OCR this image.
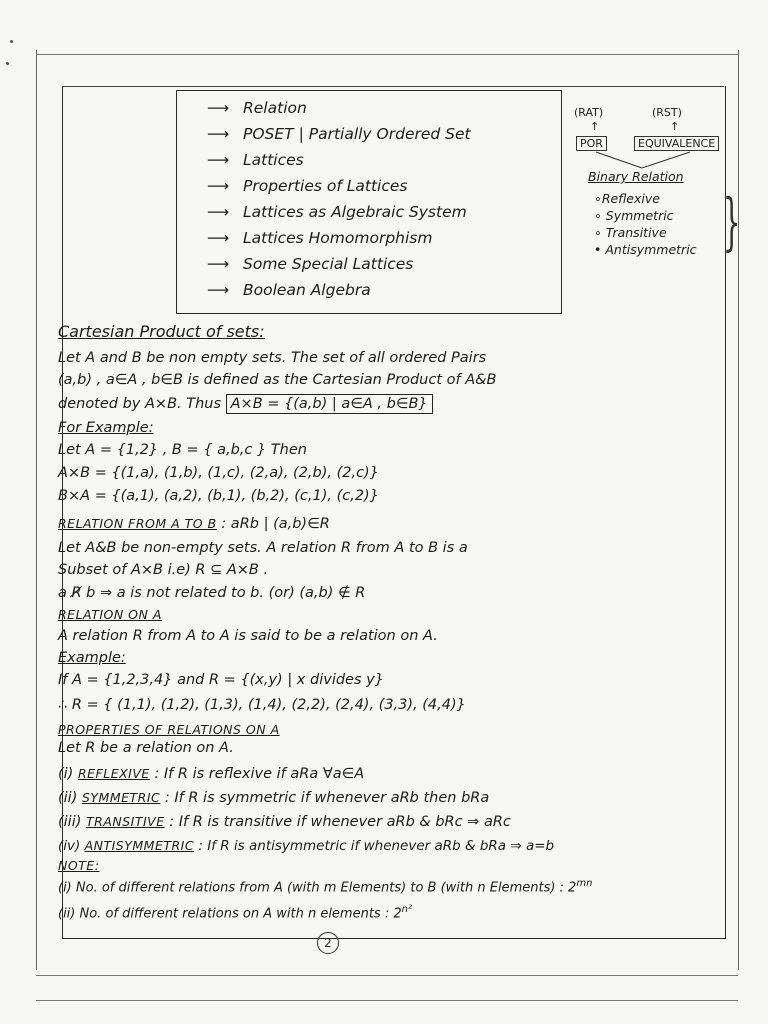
⟶ Relation
⟶ POSET | Partially Ordered Set
⟶ Lattices
⟶ Properties of Lattices
⟶ Lattices as Algebraic System
⟶ Lattices Homomorphism
⟶ Some Special Lattices
⟶ Boolean Algebra
(RAT)	(RST)
↑	↑
POR	EQUIVALENCE
Binary Relation
∘Reflexive
∘ Symmetric
∘ Transitive
• Antisymmetric }
Cartesian Product of sets:
Let A and B be non empty sets. The set of all ordered Pairs
(a,b) , a∈A , b∈B is defined as the Cartesian Product of A&B
denoted by A×B. Thus A×B = {(a,b) | a∈A , b∈B}
For Example:
Let A = {1,2} , B = { a,b,c } Then
A×B = {(1,a), (1,b), (1,c), (2,a), (2,b), (2,c)}
B×A = {(a,1), (a,2), (b,1), (b,2), (c,1), (c,2)}
RELATION FROM A TO B : aRb | (a,b)∈R
Let A&B be non-empty sets. A relation R from A to B is a
Subset of A×B i.e) R ⊆ A×B .
a R̸ b ⇒ a is not related to b. (or) (a,b) ∉ R
RELATION ON A
A relation R from A to A is said to be a relation on A.
Example:
If A = {1,2,3,4} and R = {(x,y) | x divides y}
∴ R = { (1,1), (1,2), (1,3), (1,4), (2,2), (2,4), (3,3), (4,4)}
PROPERTIES OF RELATIONS ON A
Let R be a relation on A.
(i) REFLEXIVE : If R is reflexive if aRa ∀a∈A
(ii) SYMMETRIC : If R is symmetric if whenever aRb then bRa
(iii) TRANSITIVE : If R is transitive if whenever aRb & bRc ⇒ aRc
(iv) ANTISYMMETRIC : If R is antisymmetric if whenever aRb & bRa ⇒ a=b
NOTE:
(i) No. of different relations from A (with m Elements) to B (with n Elements) : $2^{mn}$
(ii) No. of different relations on A with n elements : $2^{n^2}$
2
